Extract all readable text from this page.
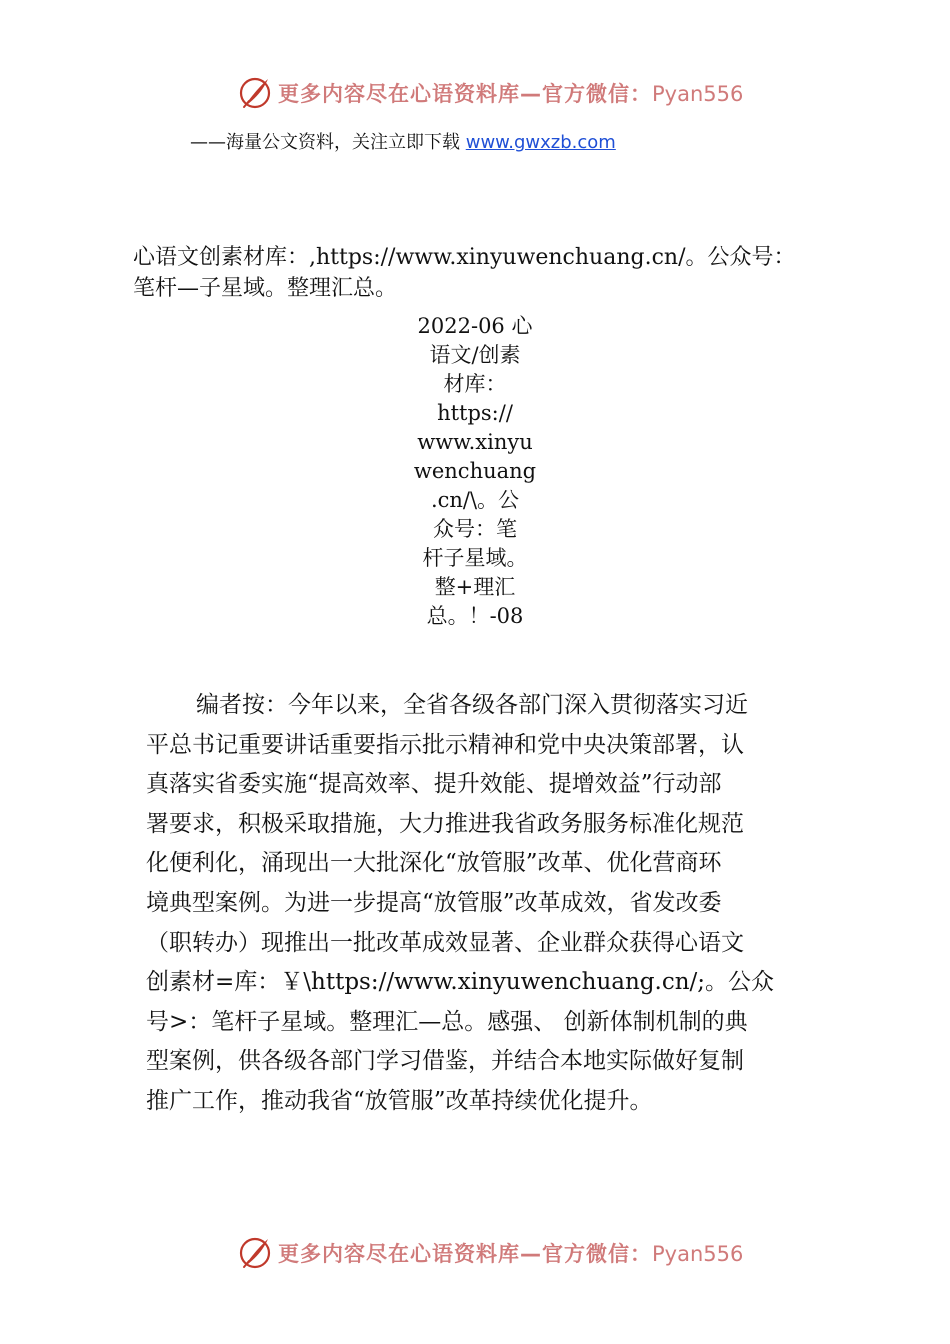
更多内容尽在心语资料库—官方微信：Pyan556
——海量公文资料，关注立即下载 www.gwxzb.com
心语文创素材库：,https://www.xinyuwenchuang.cn/。公众号：
笔杆—子星域。整理汇总。
2022-06 心
语文/创素
材库：
https://
www.xinyu
wenchuang
.cn/\。公
众号：笔
杆子星域。
整+理汇
总。！-08
编者按：今年以来，全省各级各部门深入贯彻落实习近
平总书记重要讲话重要指示批示精神和党中央决策部署，认
真落实省委实施“提高效率、提升效能、提增效益”行动部
署要求，积极采取措施，大力推进我省政务服务标准化规范
化便利化，涌现出一大批深化“放管服”改革、优化营商环
境典型案例。为进一步提高“放管服”改革成效，省发改委
（职转办）现推出一批改革成效显著、企业群众获得心语文
创素材=库：￥\https://www.xinyuwenchuang.cn/;。公众
号>：笔杆子星域。整理汇—总。感强、 创新体制机制的典
型案例，供各级各部门学习借鉴，并结合本地实际做好复制
推广工作，推动我省“放管服”改革持续优化提升。
更多内容尽在心语资料库—官方微信：Pyan556
